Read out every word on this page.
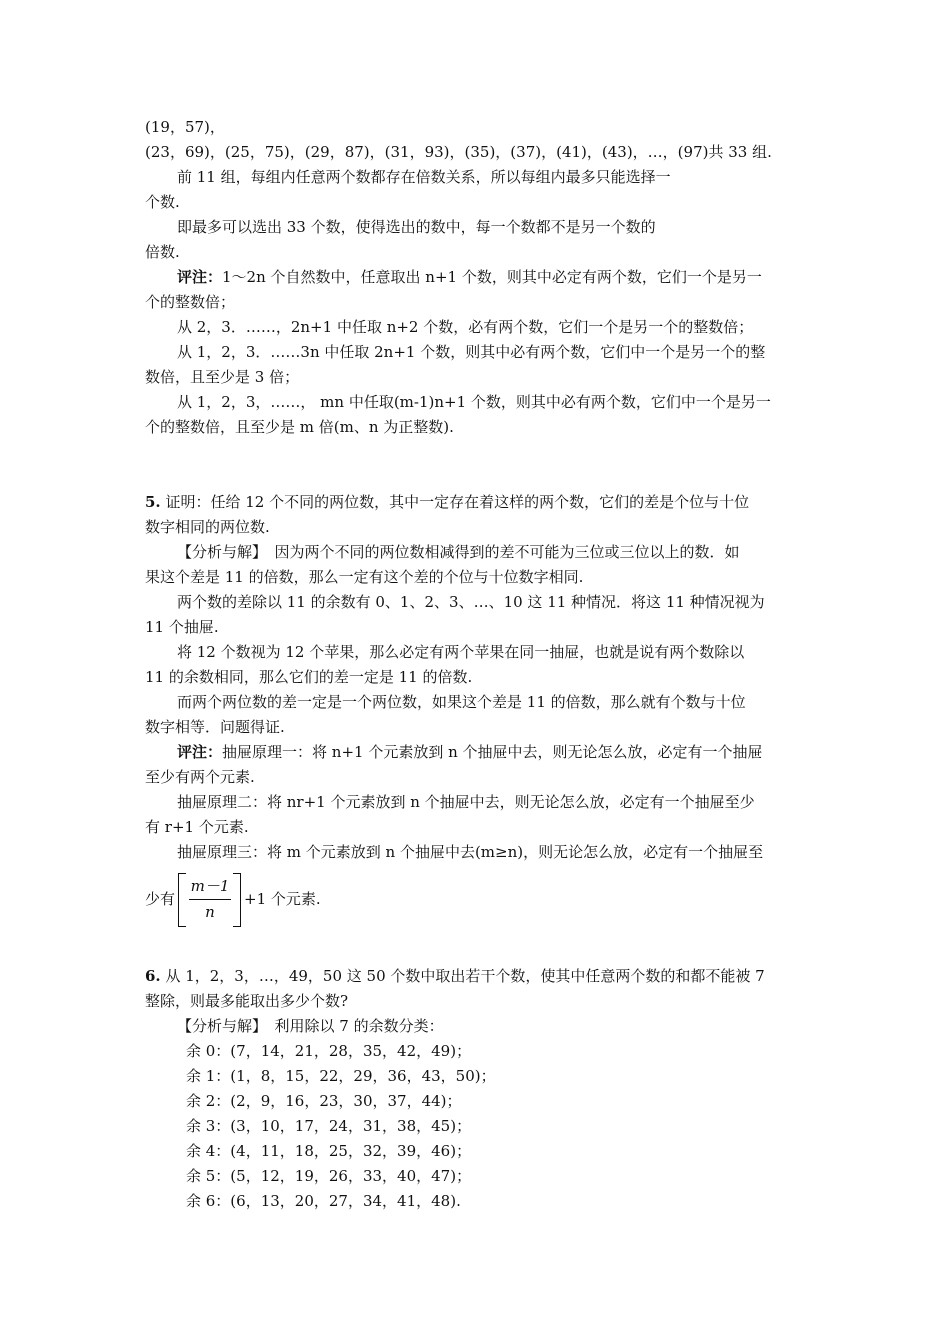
(19，57)，
(23，69)，(25，75)，(29，87)，(31，93)，(35)，(37)，(41)，(43)，…，(97)共 33 组.
前 11 组，每组内任意两个数都存在倍数关系，所以每组内最多只能选择一
个数.
即最多可以选出 33 个数，使得选出的数中，每一个数都不是另一个数的
倍数.
评注：1～2n 个自然数中，任意取出 n+1 个数，则其中必定有两个数，它们一个是另一
个的整数倍；
从 2，3．……，2n+1 中任取 n+2 个数，必有两个数，它们一个是另一个的整数倍；
从 1，2，3．……3n 中任取 2n+1 个数，则其中必有两个数，它们中一个是另一个的整
数倍，且至少是 3 倍；
从 1，2，3，……， mn 中任取(m-1)n+1 个数，则其中必有两个数，它们中一个是另一
个的整数倍，且至少是 m 倍(m、n 为正整数).
5. 证明：任给 12 个不同的两位数，其中一定存在着这样的两个数，它们的差是个位与十位
数字相同的两位数.
【分析与解】　因为两个不同的两位数相减得到的差不可能为三位或三位以上的数．如
果这个差是 11 的倍数，那么一定有这个差的个位与十位数字相同.
两个数的差除以 11 的余数有 0、1、2、3、…、10 这 11 种情况．将这 11 种情况视为
11 个抽屉.
将 12 个数视为 12 个苹果，那么必定有两个苹果在同一抽屉，也就是说有两个数除以
11 的余数相同，那么它们的差一定是 11 的倍数.
而两个两位数的差一定是一个两位数，如果这个差是 11 的倍数，那么就有个数与十位
数字相等．问题得证.
评注：抽屉原理一：将 n+1 个元素放到 n 个抽屉中去，则无论怎么放，必定有一个抽屉
至少有两个元素.
抽屉原理二：将 nr+1 个元素放到 n 个抽屉中去，则无论怎么放，必定有一个抽屉至少
有 r+1 个元素.
抽屉原理三：将 m 个元素放到 n 个抽屉中去(m≥n)，则无论怎么放，必定有一个抽屉至
少有
m－1
n
+1 个元素.
6. 从 1，2，3，…，49，50 这 50 个数中取出若干个数，使其中任意两个数的和都不能被 7
整除，则最多能取出多少个数?
【分析与解】　利用除以 7 的余数分类：
余 0：(7，14，21，28，35，42，49)；
余 1：(1，8，15，22，29，36，43，50)；
余 2：(2，9，16，23，30，37，44)；
余 3：(3，10，17，24，31，38，45)；
余 4：(4，11，18，25，32，39，46)；
余 5：(5，12，19，26，33，40，47)；
余 6：(6，13，20，27，34，41，48).
